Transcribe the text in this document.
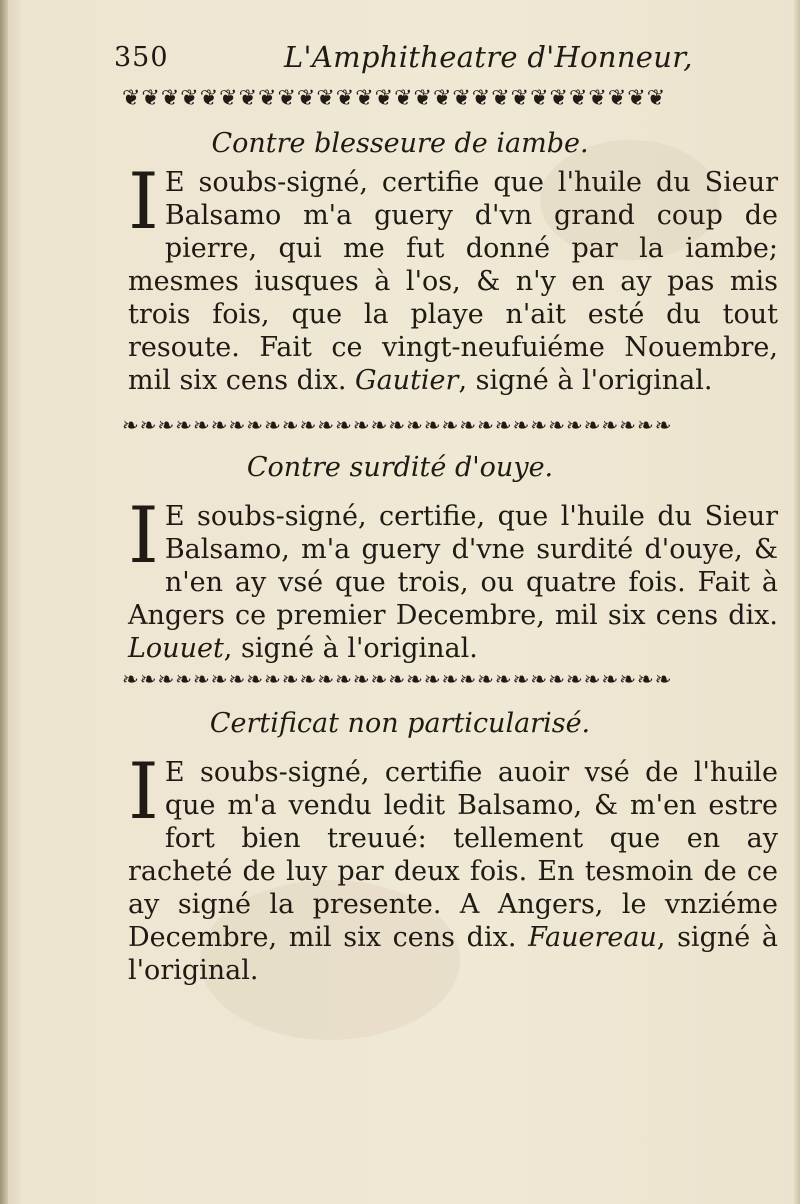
350	L'Amphitheatre d'Honneur,
❦❦❦❦❦❦❦❦❦❦❦❦❦❦❦❦❦❦❦❦❦❦❦❦❦❦❦❦
Contre blesseure de iambe.

I E soubs-signé, certifie que l'huile du Sieur Balsamo m'a guery d'vn grand coup de pierre, qui me fut donné par la iambe; mesmes iusques à l'os, & n'y en ay pas mis trois fois, que la playe n'ait esté du tout resoute. Fait ce vingt-neufuiéme Nouembre, mil six cens dix. Gautier, signé à l'original.

❧❧❧❧❧❧❧❧❧❧❧❧❧❧❧❧❧❧❧❧❧❧❧❧❧❧❧❧❧❧❧
Contre surdité d'ouye.

I E soubs-signé, certifie, que l'huile du Sieur Balsamo, m'a guery d'vne surdité d'ouye, & n'en ay vsé que trois, ou quatre fois. Fait à Angers ce premier Decembre, mil six cens dix. Louuet, signé à l'original.

❧❧❧❧❧❧❧❧❧❧❧❧❧❧❧❧❧❧❧❧❧❧❧❧❧❧❧❧❧❧❧
Certificat non particularisé.

I E soubs-signé, certifie auoir vsé de l'huile que m'a vendu ledit Balsamo, & m'en estre fort bien treuué: tellement que en ay racheté de luy par deux fois. En tesmoin de ce ay signé la presente. A Angers, le vnziéme Decembre, mil six cens dix. Fauereau, signé à l'original.
